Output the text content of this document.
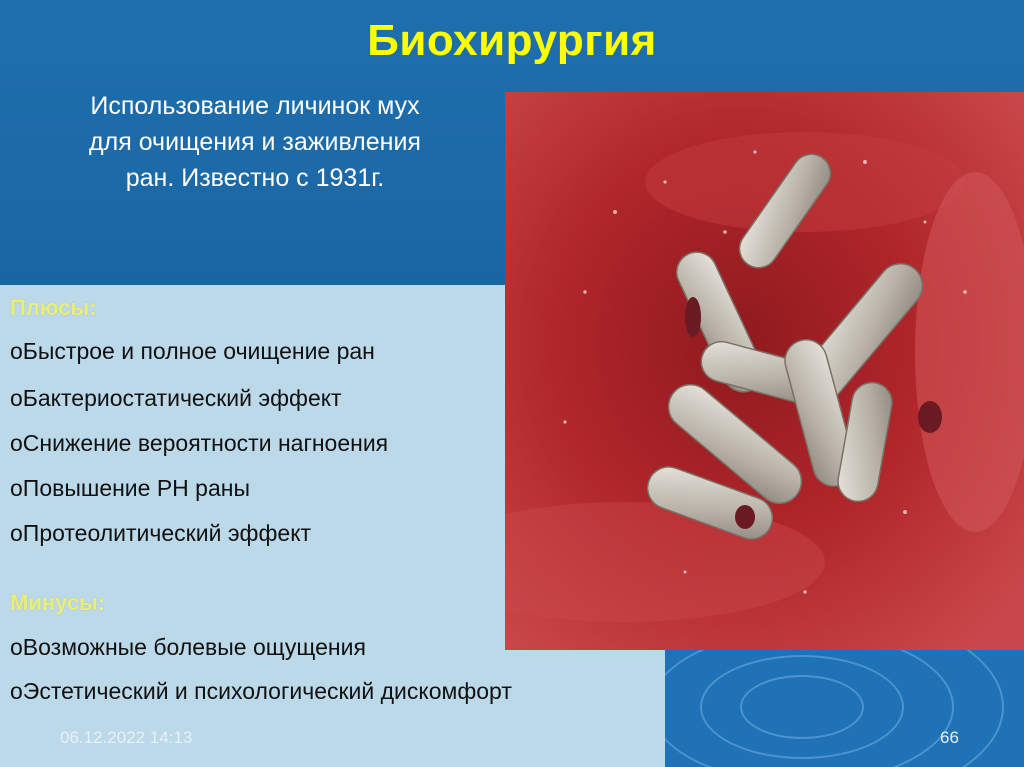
Биохирургия
Использование личинок мух
для очищения и заживления
ран. Известно с 1931г.
Плюсы:
oБыстрое и полное очищение ран
oБактериостатический эффект
oСнижение вероятности нагноения
oПовышение РН раны
oПротеолитический эффект
Минусы:
oВозможные болевые ощущения
oЭстетический и психологический дискомфорт
06.12.2022 14:13	66
